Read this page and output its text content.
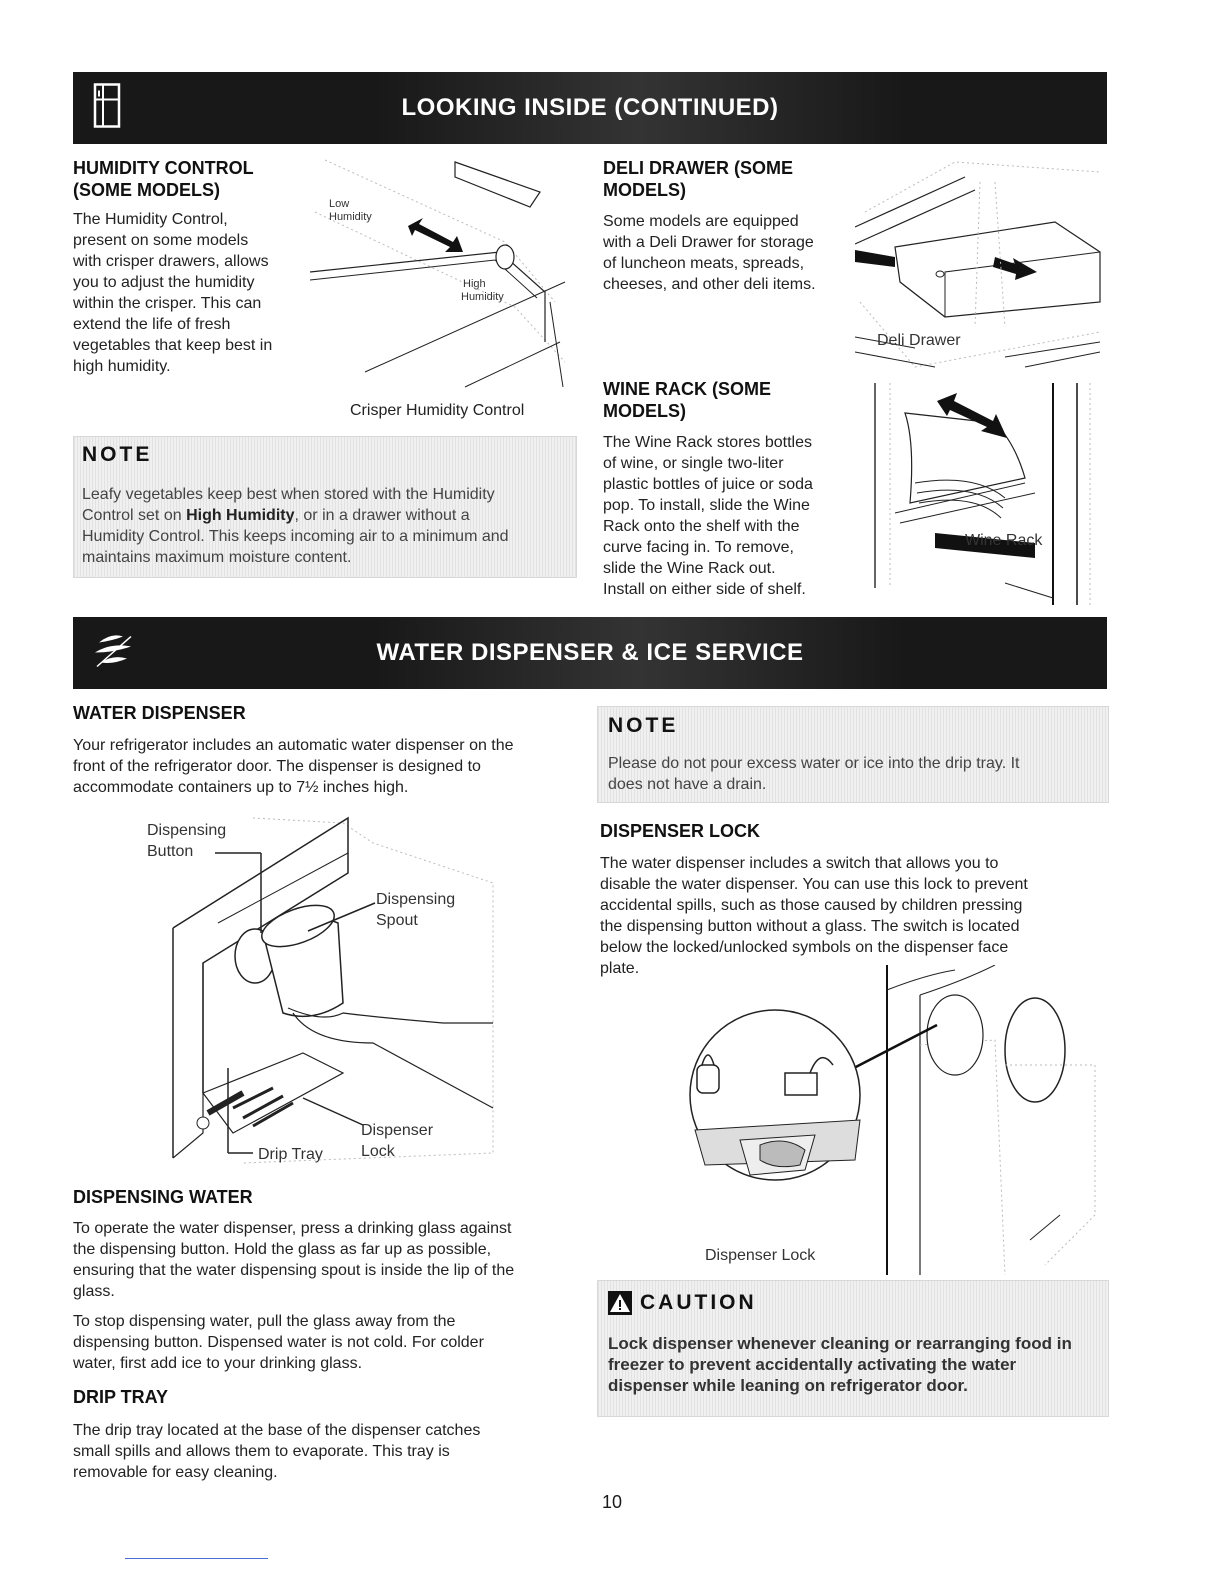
LOOKING INSIDE (CONTINUED)
HUMIDITY CONTROL
(SOME MODELS)

The Humidity Control,

present on some models

with crisper drawers, allows

you to adjust the humidity

within the crisper. This can

extend the life of fresh

vegetables that keep best in

high humidity.

Low
Humidity
High
Humidity
Crisper Humidity Control
NOTE

Leafy vegetables keep best when stored with the Humidity

Control set on High Humidity, or in a drawer without a

Humidity Control. This keeps incoming air to a minimum and

maintains maximum moisture content.

DELI DRAWER (SOME
MODELS)

Some models are equipped

with a Deli Drawer for storage

of luncheon meats, spreads,

cheeses, and other deli items.

Deli Drawer
WINE RACK (SOME
MODELS)

The Wine Rack stores bottles

of wine, or single two-liter

plastic bottles of juice or soda

pop. To install, slide the Wine

Rack onto the shelf with the

curve facing in. To remove,

slide the Wine Rack out.

Install on either side of shelf.

Wine Rack
WATER DISPENSER & ICE SERVICE
WATER DISPENSER

Your refrigerator includes an automatic water dispenser on the

front of the refrigerator door. The dispenser is designed to

accommodate containers up to 7½ inches high.

Dispensing
Button
Dispensing
Spout
Dispenser
Lock
Drip Tray
DISPENSING WATER

To operate the water dispenser, press a drinking glass against

the dispensing button. Hold the glass as far up as possible,

ensuring that the water dispensing spout is inside the lip of the

glass.

To stop dispensing water, pull the glass away from the

dispensing button. Dispensed water is not cold. For colder

water, first add ice to your drinking glass.

DRIP TRAY

The drip tray located at the base of the dispenser catches

small spills and allows them to evaporate. This tray is

removable for easy cleaning.

NOTE

Please do not pour excess water or ice into the drip tray. It

does not have a drain.

DISPENSER LOCK

The water dispenser includes a switch that allows you to

disable the water dispenser. You can use this lock to prevent

accidental spills, such as those caused by children pressing

the dispensing button without a glass. The switch is located

below the locked/unlocked symbols on the dispenser face

plate.

Dispenser Lock
CAUTION

Lock dispenser whenever cleaning or rearranging food in

freezer to prevent accidentally activating the water

dispenser while leaning on refrigerator door.

10
